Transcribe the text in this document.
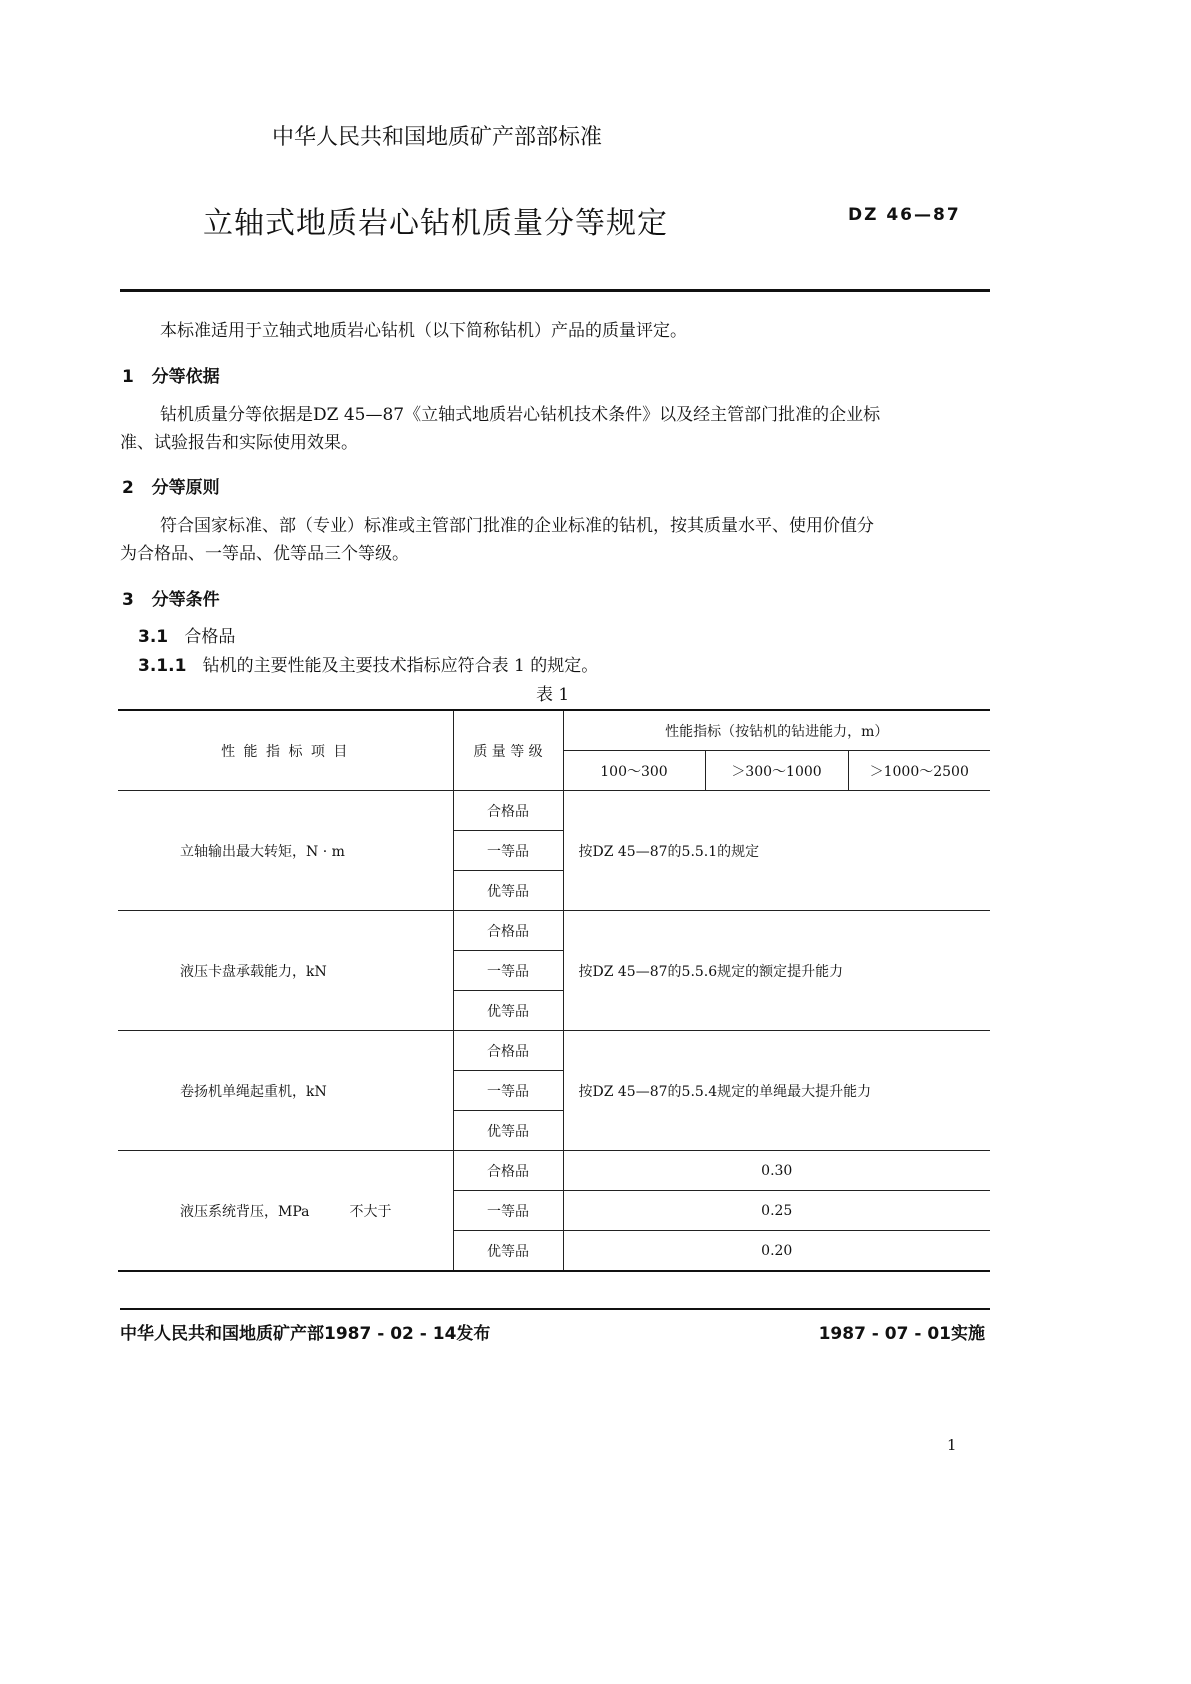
中华人民共和国地质矿产部部标准
立轴式地质岩心钻机质量分等规定	DZ 46—87
本标准适用于立轴式地质岩心钻机（以下简称钻机）产品的质量评定。
1 分等依据
钻机质量分等依据是DZ 45—87《立轴式地质岩心钻机技术条件》以及经主管部门批准的企业标
准、试验报告和实际使用效果。
2 分等原则
符合国家标准、部（专业）标准或主管部门批准的企业标准的钻机，按其质量水平、使用价值分
为合格品、一等品、优等品三个等级。
3 分等条件
3.1 合格品
3.1.1 钻机的主要性能及主要技术指标应符合表 1 的规定。
表 1
性 能 指 标 项 目	质 量 等 级	性能指标（按钻机的钻进能力，m）		
		100～300	＞300～1000	＞1000～2500
立轴输出最大转矩，N · m	合格品	按DZ 45—87的5.5.1的规定		
	一等品			
	优等品			
液压卡盘承载能力，kN	合格品	按DZ 45—87的5.5.6规定的额定提升能力		
	一等品			
	优等品			
卷扬机单绳起重机，kN	合格品	按DZ 45—87的5.5.4规定的单绳最大提升能力		
	一等品			
	优等品			
液压系统背压，MPa 不大于	合格品	0.30		
	一等品	0.25		
	优等品	0.20		
中华人民共和国地质矿产部1987 - 02 - 14发布	1987 - 07 - 01实施
1
